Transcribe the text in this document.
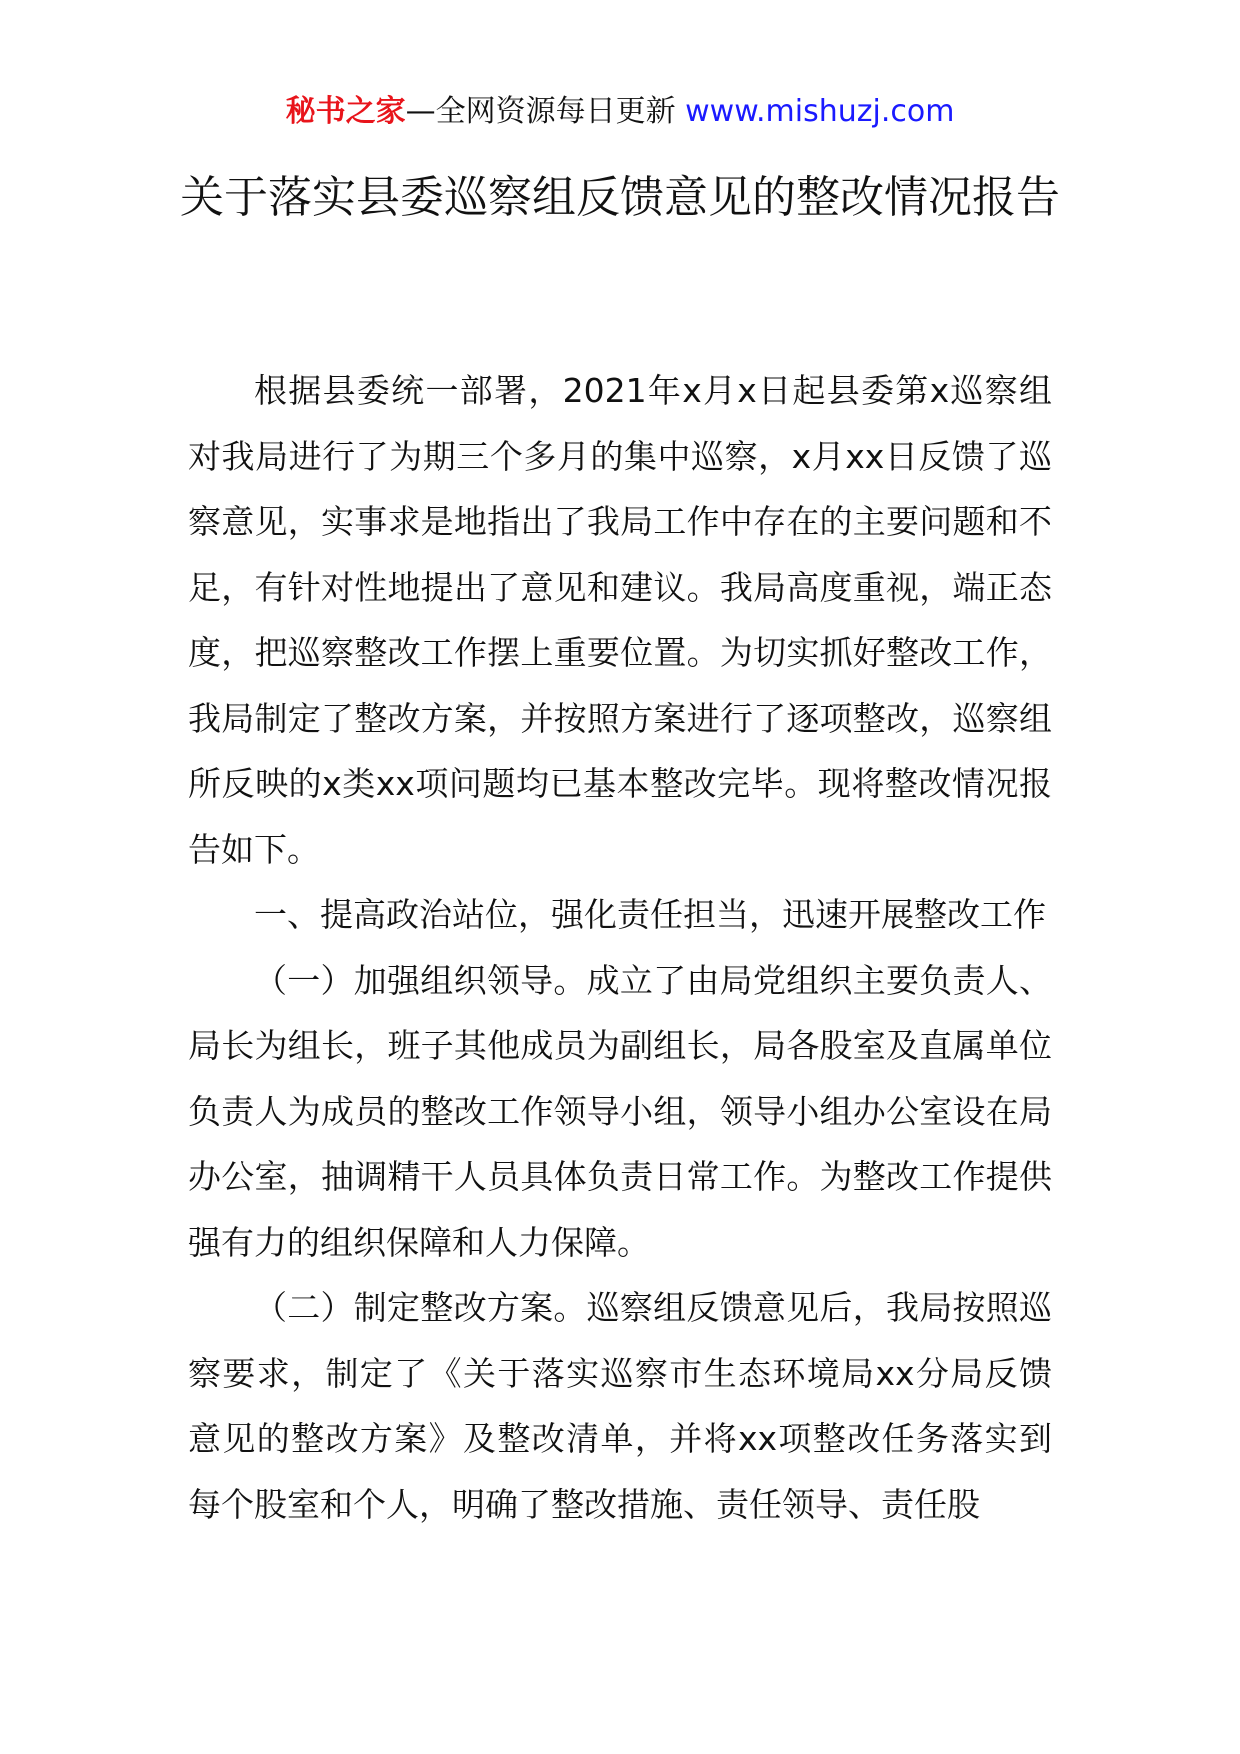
秘书之家—全网资源每日更新 www.mishuzj.com
关于落实县委巡察组反馈意见的整改情况报告

根据县委统一部署，2021年x月x日起县委第x巡察组对我局进行了为期三个多月的集中巡察，x月xx日反馈了巡察意见，实事求是地指出了我局工作中存在的主要问题和不足，有针对性地提出了意见和建议。我局高度重视，端正态度，把巡察整改工作摆上重要位置。为切实抓好整改工作，我局制定了整改方案，并按照方案进行了逐项整改，巡察组所反映的x类xx项问题均已基本整改完毕。现将整改情况报告如下。

一、提高政治站位，强化责任担当，迅速开展整改工作

（一）加强组织领导。成立了由局党组织主要负责人、局长为组长，班子其他成员为副组长，局各股室及直属单位负责人为成员的整改工作领导小组，领导小组办公室设在局办公室，抽调精干人员具体负责日常工作。为整改工作提供强有力的组织保障和人力保障。

（二）制定整改方案。巡察组反馈意见后，我局按照巡察要求，制定了《关于落实巡察市生态环境局xx分局反馈意见的整改方案》及整改清单，并将xx项整改任务落实到每个股室和个人，明确了整改措施、责任领导、责任股
